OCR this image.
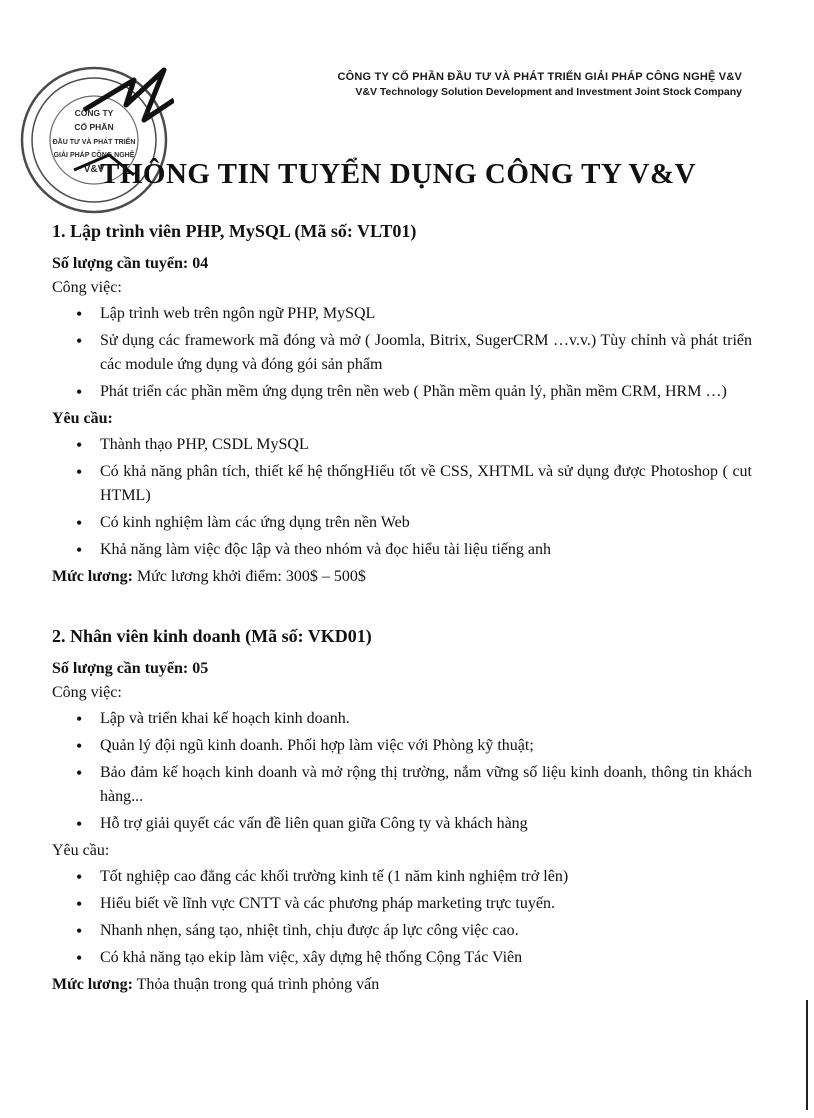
CÔNG TY
CỔ PHẦN
ĐẦU TƯ VÀ PHÁT TRIỂN
GIẢI PHÁP CÔNG NGHỆ
V&V
CÔNG TY CỔ PHẦN ĐẦU TƯ VÀ PHÁT TRIỂN GIẢI PHÁP CÔNG NGHỆ V&V
V&V Technology Solution Development and Investment Joint Stock Company
THÔNG TIN TUYỂN DỤNG CÔNG TY V&V
1. Lập trình viên PHP, MySQL (Mã số: VLT01)
Số lượng cần tuyển: 04
Công việc:
• Lập trình web trên ngôn ngữ PHP, MySQL
• Sử dụng các framework mã đóng và mở ( Joomla, Bitrix, SugerCRM …v.v.) Tùy chỉnh và phát triển các module ứng dụng và đóng gói sản phẩm
• Phát triển các phần mềm ứng dụng trên nền web ( Phần mềm quản lý, phần mềm CRM, HRM …)
Yêu cầu:
• Thành thạo PHP, CSDL MySQL
• Có khả năng phân tích, thiết kế hệ thốngHiểu tốt về CSS, XHTML và sử dụng được Photoshop ( cut HTML)
• Có kinh nghiệm làm các ứng dụng trên nền Web
• Khả năng làm việc độc lập và theo nhóm và đọc hiểu tài liệu tiếng anh
Mức lương: Mức lương khởi điểm: 300$ – 500$
2. Nhân viên kinh doanh (Mã số: VKD01)
Số lượng cần tuyển: 05
Công việc:
• Lập và triển khai kế hoạch kinh doanh.
• Quản lý đội ngũ kinh doanh. Phối hợp làm việc với Phòng kỹ thuật;
• Bảo đảm kế hoạch kinh doanh và mở rộng thị trường, nắm vững số liệu kinh doanh, thông tin khách hàng...
• Hỗ trợ giải quyết các vấn đề liên quan giữa Công ty và khách hàng
Yêu cầu:
• Tốt nghiệp cao đẳng các khối trường kinh tế (1 năm kinh nghiệm trở lên)
• Hiểu biết về lĩnh vực CNTT và các phương pháp marketing trực tuyến.
• Nhanh nhẹn, sáng tạo, nhiệt tình, chịu được áp lực công việc cao.
• Có khả năng tạo ekip làm việc, xây dựng hệ thống Cộng Tác Viên
Mức lương: Thỏa thuận trong quá trình phỏng vấn
